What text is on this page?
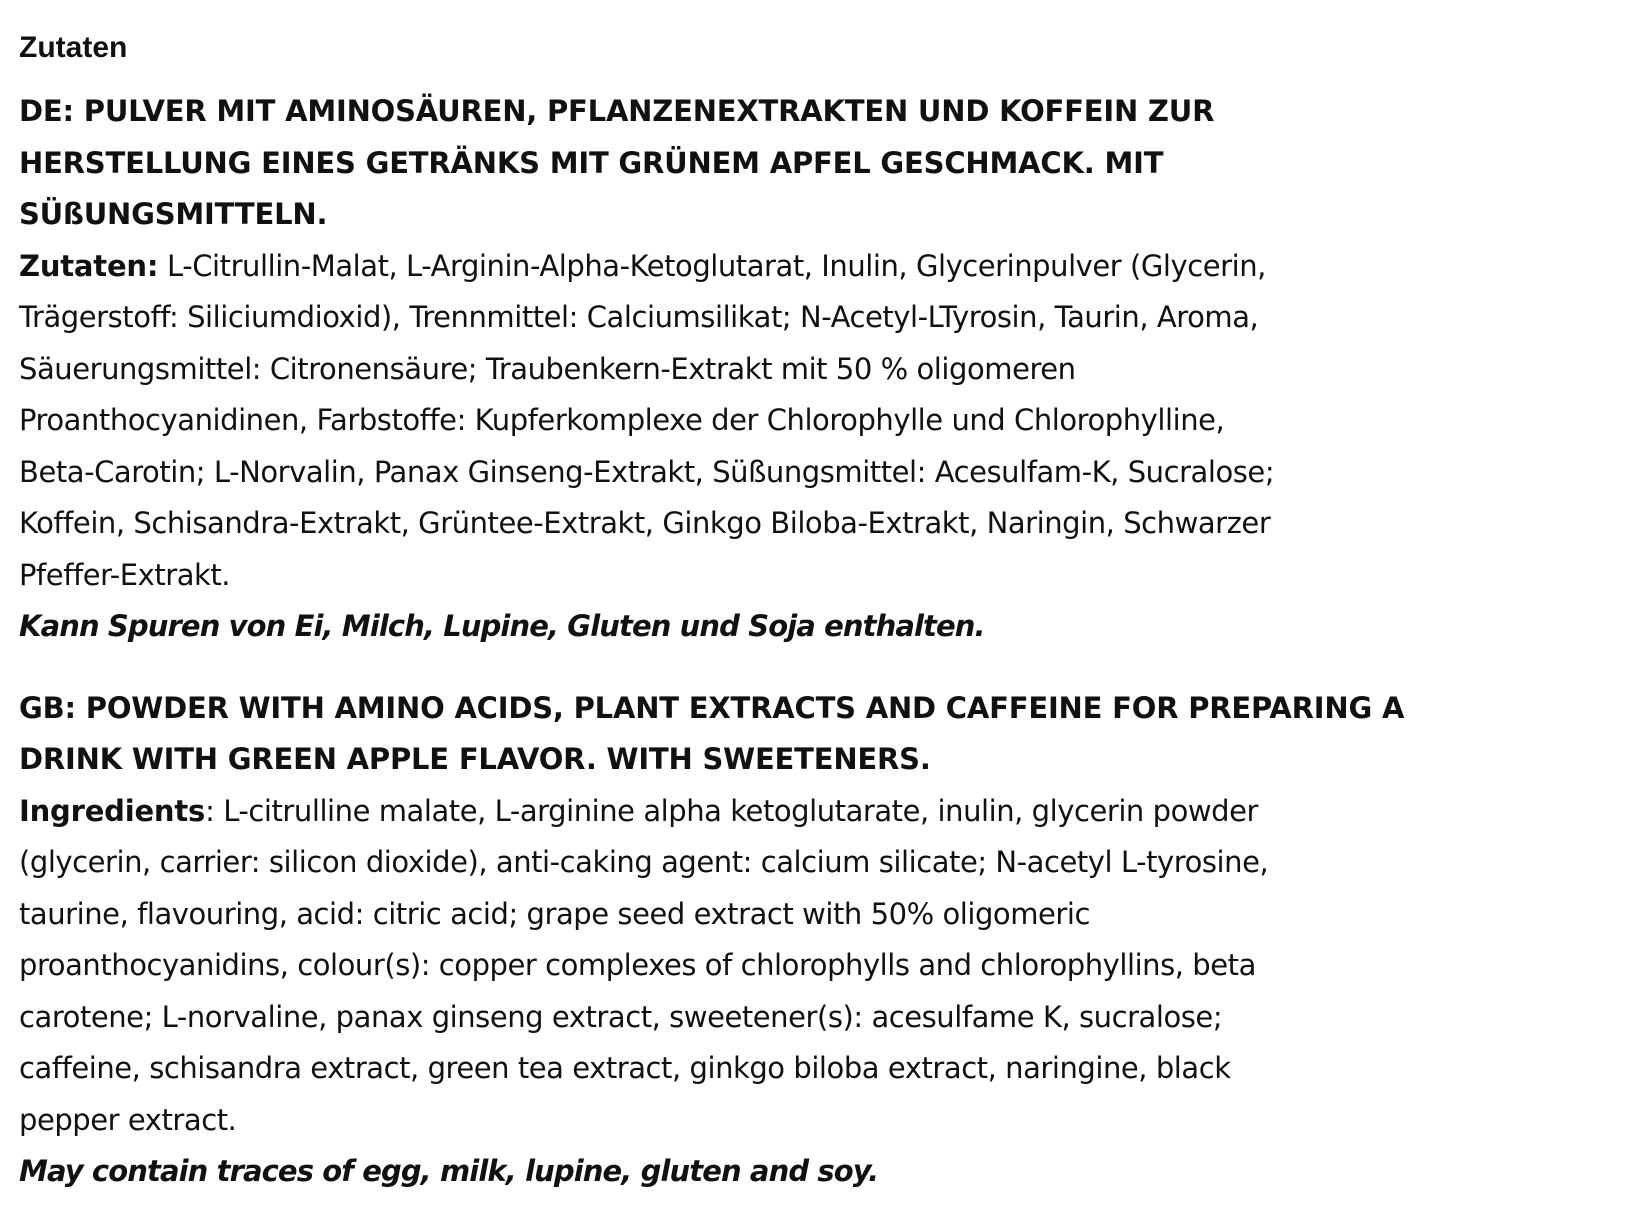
Zutaten

DE: PULVER MIT AMINOSÄUREN, PFLANZENEXTRAKTEN UND KOFFEIN ZUR
HERSTELLUNG EINES GETRÄNKS MIT GRÜNEM APFEL GESCHMACK. MIT
SÜßUNGSMITTELN.

Zutaten: L-Citrullin-Malat, L-Arginin-Alpha-Ketoglutarat, Inulin, Glycerinpulver (Glycerin,
Trägerstoff: Siliciumdioxid), Trennmittel: Calciumsilikat; N-Acetyl-LTyrosin, Taurin, Aroma,
Säuerungsmittel: Citronensäure; Traubenkern-Extrakt mit 50 % oligomeren
Proanthocyanidinen, Farbstoffe: Kupferkomplexe der Chlorophylle und Chlorophylline,
Beta-Carotin; L-Norvalin, Panax Ginseng-Extrakt, Süßungsmittel: Acesulfam-K, Sucralose;
Koffein, Schisandra-Extrakt, Grüntee-Extrakt, Ginkgo Biloba-Extrakt, Naringin, Schwarzer
Pfeffer-Extrakt.

Kann Spuren von Ei, Milch, Lupine, Gluten und Soja enthalten.

GB: POWDER WITH AMINO ACIDS, PLANT EXTRACTS AND CAFFEINE FOR PREPARING A
DRINK WITH GREEN APPLE FLAVOR. WITH SWEETENERS.

Ingredients: L-citrulline malate, L-arginine alpha ketoglutarate, inulin, glycerin powder
(glycerin, carrier: silicon dioxide), anti-caking agent: calcium silicate; N-acetyl L-tyrosine,
taurine, flavouring, acid: citric acid; grape seed extract with 50% oligomeric
proanthocyanidins, colour(s): copper complexes of chlorophylls and chlorophyllins, beta
carotene; L-norvaline, panax ginseng extract, sweetener(s): acesulfame K, sucralose;
caffeine, schisandra extract, green tea extract, ginkgo biloba extract, naringine, black
pepper extract.

May contain traces of egg, milk, lupine, gluten and soy.
